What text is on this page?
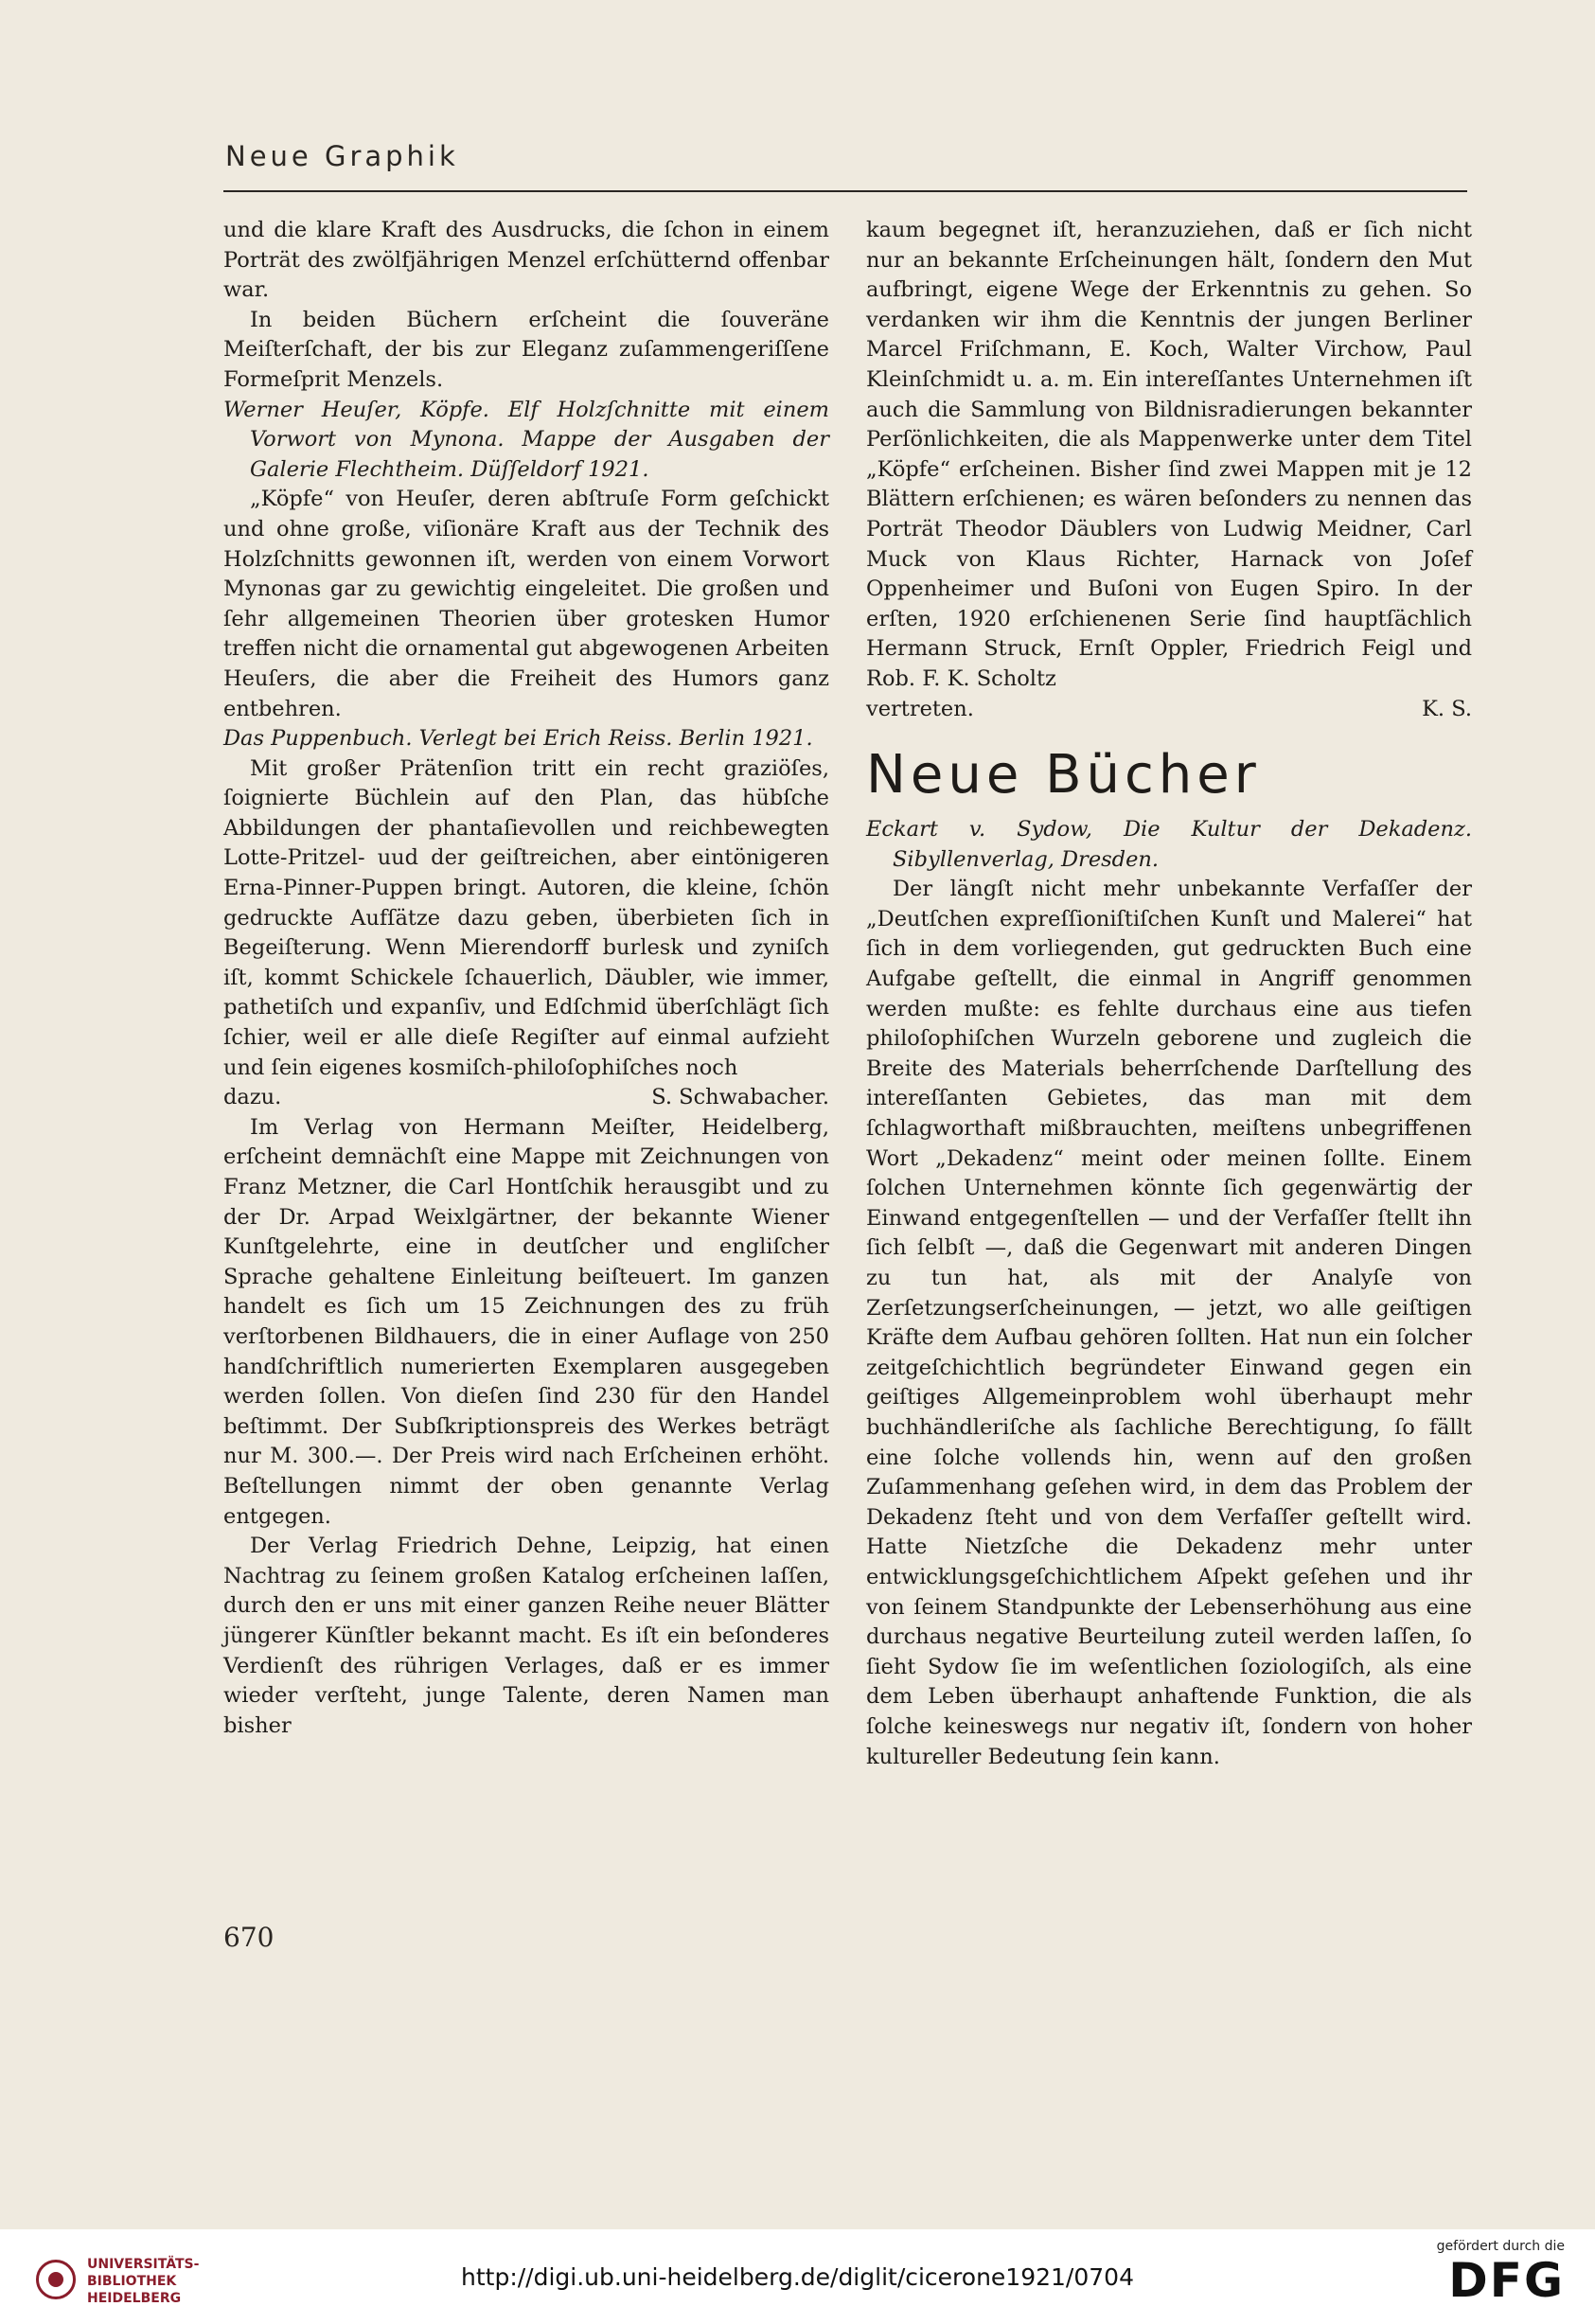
Neue Graphik

und die klare Kraft des Ausdrucks, die ſchon in einem Porträt des zwölfjährigen Menzel erſchütternd offenbar war.

In beiden Büchern erſcheint die ſouveräne Meiſterſchaft, der bis zur Eleganz zuſammengeriſſene Formeſprit Menzels.

Werner Heuſer, Köpfe. Elf Holzſchnitte mit einem Vorwort von Mynona. Mappe der Ausgaben der Galerie Flechtheim. Düſſeldorf 1921.

„Köpfe“ von Heuſer, deren abſtruſe Form geſchickt und ohne große, viſionäre Kraft aus der Technik des Holzſchnitts gewonnen iſt, werden von einem Vorwort Mynonas gar zu gewichtig eingeleitet. Die großen und ſehr allgemeinen Theorien über grotesken Humor treffen nicht die ornamental gut abgewogenen Arbeiten Heuſers, die aber die Freiheit des Humors ganz entbehren.

Das Puppenbuch. Verlegt bei Erich Reiss. Berlin 1921.

Mit großer Prätenſion tritt ein recht graziöſes, ſoignierte Büchlein auf den Plan, das hübſche Abbildungen der phantaſievollen und reichbewegten Lotte-Pritzel- uud der geiſtreichen, aber eintönigeren Erna-Pinner-Puppen bringt. Autoren, die kleine, ſchön gedruckte Aufſätze dazu geben, überbieten ſich in Begeiſterung. Wenn Mierendorff burlesk und zyniſch iſt, kommt Schickele ſchauerlich, Däubler, wie immer, pathetiſch und expanſiv, und Edſchmid überſchlägt ſich ſchier, weil er alle dieſe Regiſter auf einmal aufzieht und ſein eigenes kosmiſch-philoſophiſches noch

dazu.	S. Schwabacher.

Im Verlag von Hermann Meiſter, Heidelberg, erſcheint demnächſt eine Mappe mit Zeichnungen von Franz Metzner, die Carl Hontſchik herausgibt und zu der Dr. Arpad Weixlgärtner, der bekannte Wiener Kunſtgelehrte, eine in deutſcher und engliſcher Sprache gehaltene Einleitung beiſteuert. Im ganzen handelt es ſich um 15 Zeichnungen des zu früh verſtorbenen Bildhauers, die in einer Auflage von 250 handſchriftlich numerierten Exemplaren ausgegeben werden ſollen. Von dieſen ſind 230 für den Handel beſtimmt. Der Subſkriptionspreis des Werkes beträgt nur M. 300.—. Der Preis wird nach Erſcheinen erhöht. Beſtellungen nimmt der oben genannte Verlag entgegen.

Der Verlag Friedrich Dehne, Leipzig, hat einen Nachtrag zu ſeinem großen Katalog erſcheinen laſſen, durch den er uns mit einer ganzen Reihe neuer Blätter jüngerer Künſtler bekannt macht. Es iſt ein beſonderes Verdienſt des rührigen Verlages, daß er es immer wieder verſteht, junge Talente, deren Namen man bisher

kaum begegnet iſt, heranzuziehen, daß er ſich nicht nur an bekannte Erſcheinungen hält, ſondern den Mut aufbringt, eigene Wege der Erkenntnis zu gehen. So verdanken wir ihm die Kenntnis der jungen Berliner Marcel Friſchmann, E. Koch, Walter Virchow, Paul Kleinſchmidt u. a. m. Ein intereſſantes Unternehmen iſt auch die Sammlung von Bildnisradierungen bekannter Perſönlichkeiten, die als Mappenwerke unter dem Titel „Köpfe“ erſcheinen. Bisher ſind zwei Mappen mit je 12 Blättern erſchienen; es wären beſonders zu nennen das Porträt Theodor Däublers von Ludwig Meidner, Carl Muck von Klaus Richter, Harnack von Joſef Oppenheimer und Buſoni von Eugen Spiro. In der erſten, 1920 erſchienenen Serie ſind hauptſächlich Hermann Struck, Ernſt Oppler, Friedrich Feigl und Rob. F. K. Scholtz

vertreten.	K. S.
Neue Bücher

Eckart v. Sydow, Die Kultur der Dekadenz. Sibyllenverlag, Dresden.

Der längſt nicht mehr unbekannte Verfaſſer der „Deutſchen expreſſioniſtiſchen Kunſt und Malerei“ hat ſich in dem vorliegenden, gut gedruckten Buch eine Aufgabe geſtellt, die einmal in Angriff genommen werden mußte: es fehlte durchaus eine aus tiefen philoſophiſchen Wurzeln geborene und zugleich die Breite des Materials beherrſchende Darſtellung des intereſſanten Gebietes, das man mit dem ſchlagworthaft mißbrauchten, meiſtens unbegriffenen Wort „Dekadenz“ meint oder meinen ſollte. Einem ſolchen Unternehmen könnte ſich gegenwärtig der Einwand entgegenſtellen — und der Verfaſſer ſtellt ihn ſich ſelbſt —, daß die Gegenwart mit anderen Dingen zu tun hat, als mit der Analyſe von Zerſetzungserſcheinungen, — jetzt, wo alle geiſtigen Kräfte dem Aufbau gehören ſollten. Hat nun ein ſolcher zeitgeſchichtlich begründeter Einwand gegen ein geiſtiges Allgemeinproblem wohl überhaupt mehr buchhändleriſche als ſachliche Berechtigung, ſo fällt eine ſolche vollends hin, wenn auf den großen Zuſammenhang geſehen wird, in dem das Problem der Dekadenz ſteht und von dem Verfaſſer geſtellt wird. Hatte Nietzſche die Dekadenz mehr unter entwicklungsgeſchichtlichem Aſpekt geſehen und ihr von ſeinem Standpunkte der Lebenserhöhung aus eine durchaus negative Beurteilung zuteil werden laſſen, ſo ſieht Sydow ſie im weſentlichen ſoziologiſch, als eine dem Leben überhaupt anhaftende Funktion, die als ſolche keineswegs nur negativ iſt, ſondern von hoher kultureller Bedeutung ſein kann.

670
UNIVERSITÄTS-
BIBLIOTHEK
HEIDELBERG
http://digi.ub.uni-heidelberg.de/diglit/cicerone1921/0704
gefördert durch die
DFG
